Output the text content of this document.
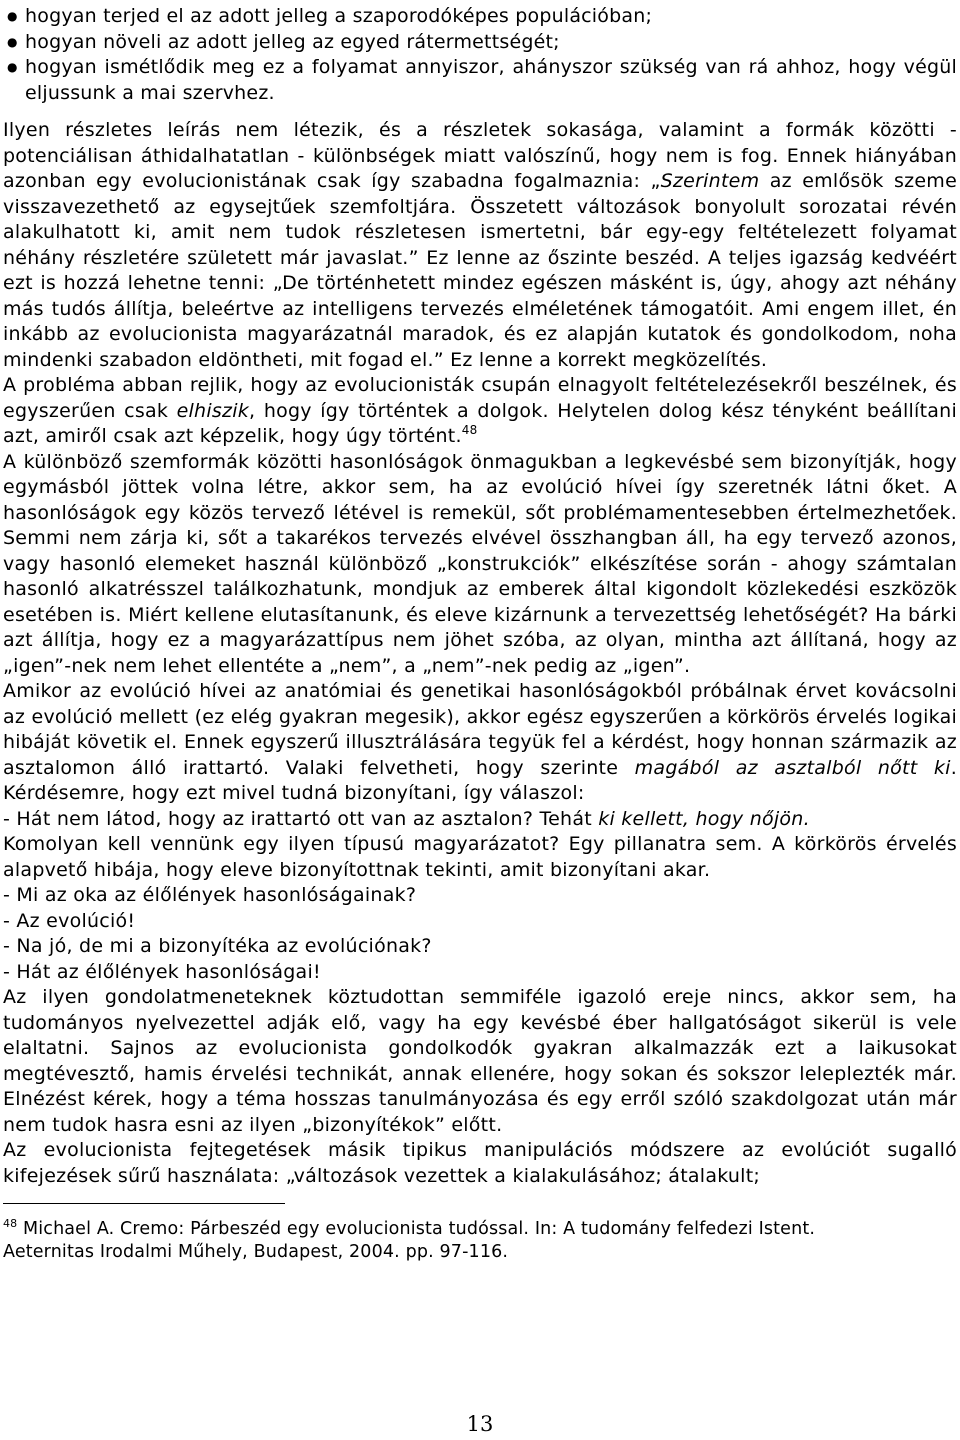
● hogyan terjed el az adott jelleg a szaporodóképes populációban;
● hogyan növeli az adott jelleg az egyed rátermettségét;
● hogyan ismétlődik meg ez a folyamat annyiszor, ahányszor szükség van rá ahhoz, hogy végül eljussunk a mai szervhez.

Ilyen részletes leírás nem létezik, és a részletek sokasága, valamint a formák közötti - potenciálisan áthidalhatatlan - különbségek miatt valószínű, hogy nem is fog. Ennek hiányában azonban egy evolucionistának csak így szabadna fogalmaznia: „Szerintem az emlősök szeme visszavezethető az egysejtűek szemfoltjára. Összetett változások bonyolult sorozatai révén alakulhatott ki, amit nem tudok részletesen ismertetni, bár egy-egy feltételezett folyamat néhány részletére született már javaslat.” Ez lenne az őszinte beszéd. A teljes igazság kedvéért ezt is hozzá lehetne tenni: „De történhetett mindez egészen másként is, úgy, ahogy azt néhány más tudós állítja, beleértve az intelligens tervezés elméletének támogatóit. Ami engem illet, én inkább az evolucionista magyarázatnál maradok, és ez alapján kutatok és gondolkodom, noha mindenki szabadon eldöntheti, mit fogad el.” Ez lenne a korrekt megközelítés.

A probléma abban rejlik, hogy az evolucionisták csupán elnagyolt feltételezésekről beszélnek, és egyszerűen csak elhiszik, hogy így történtek a dolgok. Helytelen dolog kész tényként beállítani azt, amiről csak azt képzelik, hogy úgy történt.$^{48}$

A különböző szemformák közötti hasonlóságok önmagukban a legkevésbé sem bizonyítják, hogy egymásból jöttek volna létre, akkor sem, ha az evolúció hívei így szeretnék látni őket. A hasonlóságok egy közös tervező létével is remekül, sőt problémamentesebben értelmezhetőek. Semmi nem zárja ki, sőt a takarékos tervezés elvével összhangban áll, ha egy tervező azonos, vagy hasonló elemeket használ különböző „konstrukciók” elkészítése során - ahogy számtalan hasonló alkatrésszel találkozhatunk, mondjuk az emberek által kigondolt közlekedési eszközök esetében is. Miért kellene elutasítanunk, és eleve kizárnunk a tervezettség lehetőségét? Ha bárki azt állítja, hogy ez a magyarázattípus nem jöhet szóba, az olyan, mintha azt állítaná, hogy az „igen”-nek nem lehet ellentéte a „nem”, a „nem”-nek pedig az „igen”.

Amikor az evolúció hívei az anatómiai és genetikai hasonlóságokból próbálnak érvet kovácsolni az evolúció mellett (ez elég gyakran megesik), akkor egész egyszerűen a körkörös érvelés logikai hibáját követik el. Ennek egyszerű illusztrálására tegyük fel a kérdést, hogy honnan származik az asztalomon álló irattartó. Valaki felvetheti, hogy szerinte magából az asztalból nőtt ki. Kérdésemre, hogy ezt mivel tudná bizonyítani, így válaszol:

- Hát nem látod, hogy az irattartó ott van az asztalon? Tehát ki kellett, hogy nőjön.

Komolyan kell vennünk egy ilyen típusú magyarázatot? Egy pillanatra sem. A körkörös érvelés alapvető hibája, hogy eleve bizonyítottnak tekinti, amit bizonyítani akar.

- Mi az oka az élőlények hasonlóságainak?

- Az evolúció!

- Na jó, de mi a bizonyítéka az evolúciónak?

- Hát az élőlények hasonlóságai!

Az ilyen gondolatmeneteknek köztudottan semmiféle igazoló ereje nincs, akkor sem, ha tudományos nyelvezettel adják elő, vagy ha egy kevésbé éber hallgatóságot sikerül is vele elaltatni. Sajnos az evolucionista gondolkodók gyakran alkalmazzák ezt a laikusokat megtévesztő, hamis érvelési technikát, annak ellenére, hogy sokan és sokszor leleplezték már. Elnézést kérek, hogy a téma hosszas tanulmányozása és egy erről szóló szakdolgozat után már nem tudok hasra esni az ilyen „bizonyítékok” előtt.

Az evolucionista fejtegetések másik tipikus manipulációs módszere az evolúciót sugalló kifejezések sűrű használata: „változások vezettek a kialakulásához; átalakult;

$^{48}$ Michael A. Cremo: Párbeszéd egy evolucionista tudóssal. In: A tudomány felfedezi Istent.
Aeternitas Irodalmi Műhely, Budapest, 2004. pp. 97-116.
13
